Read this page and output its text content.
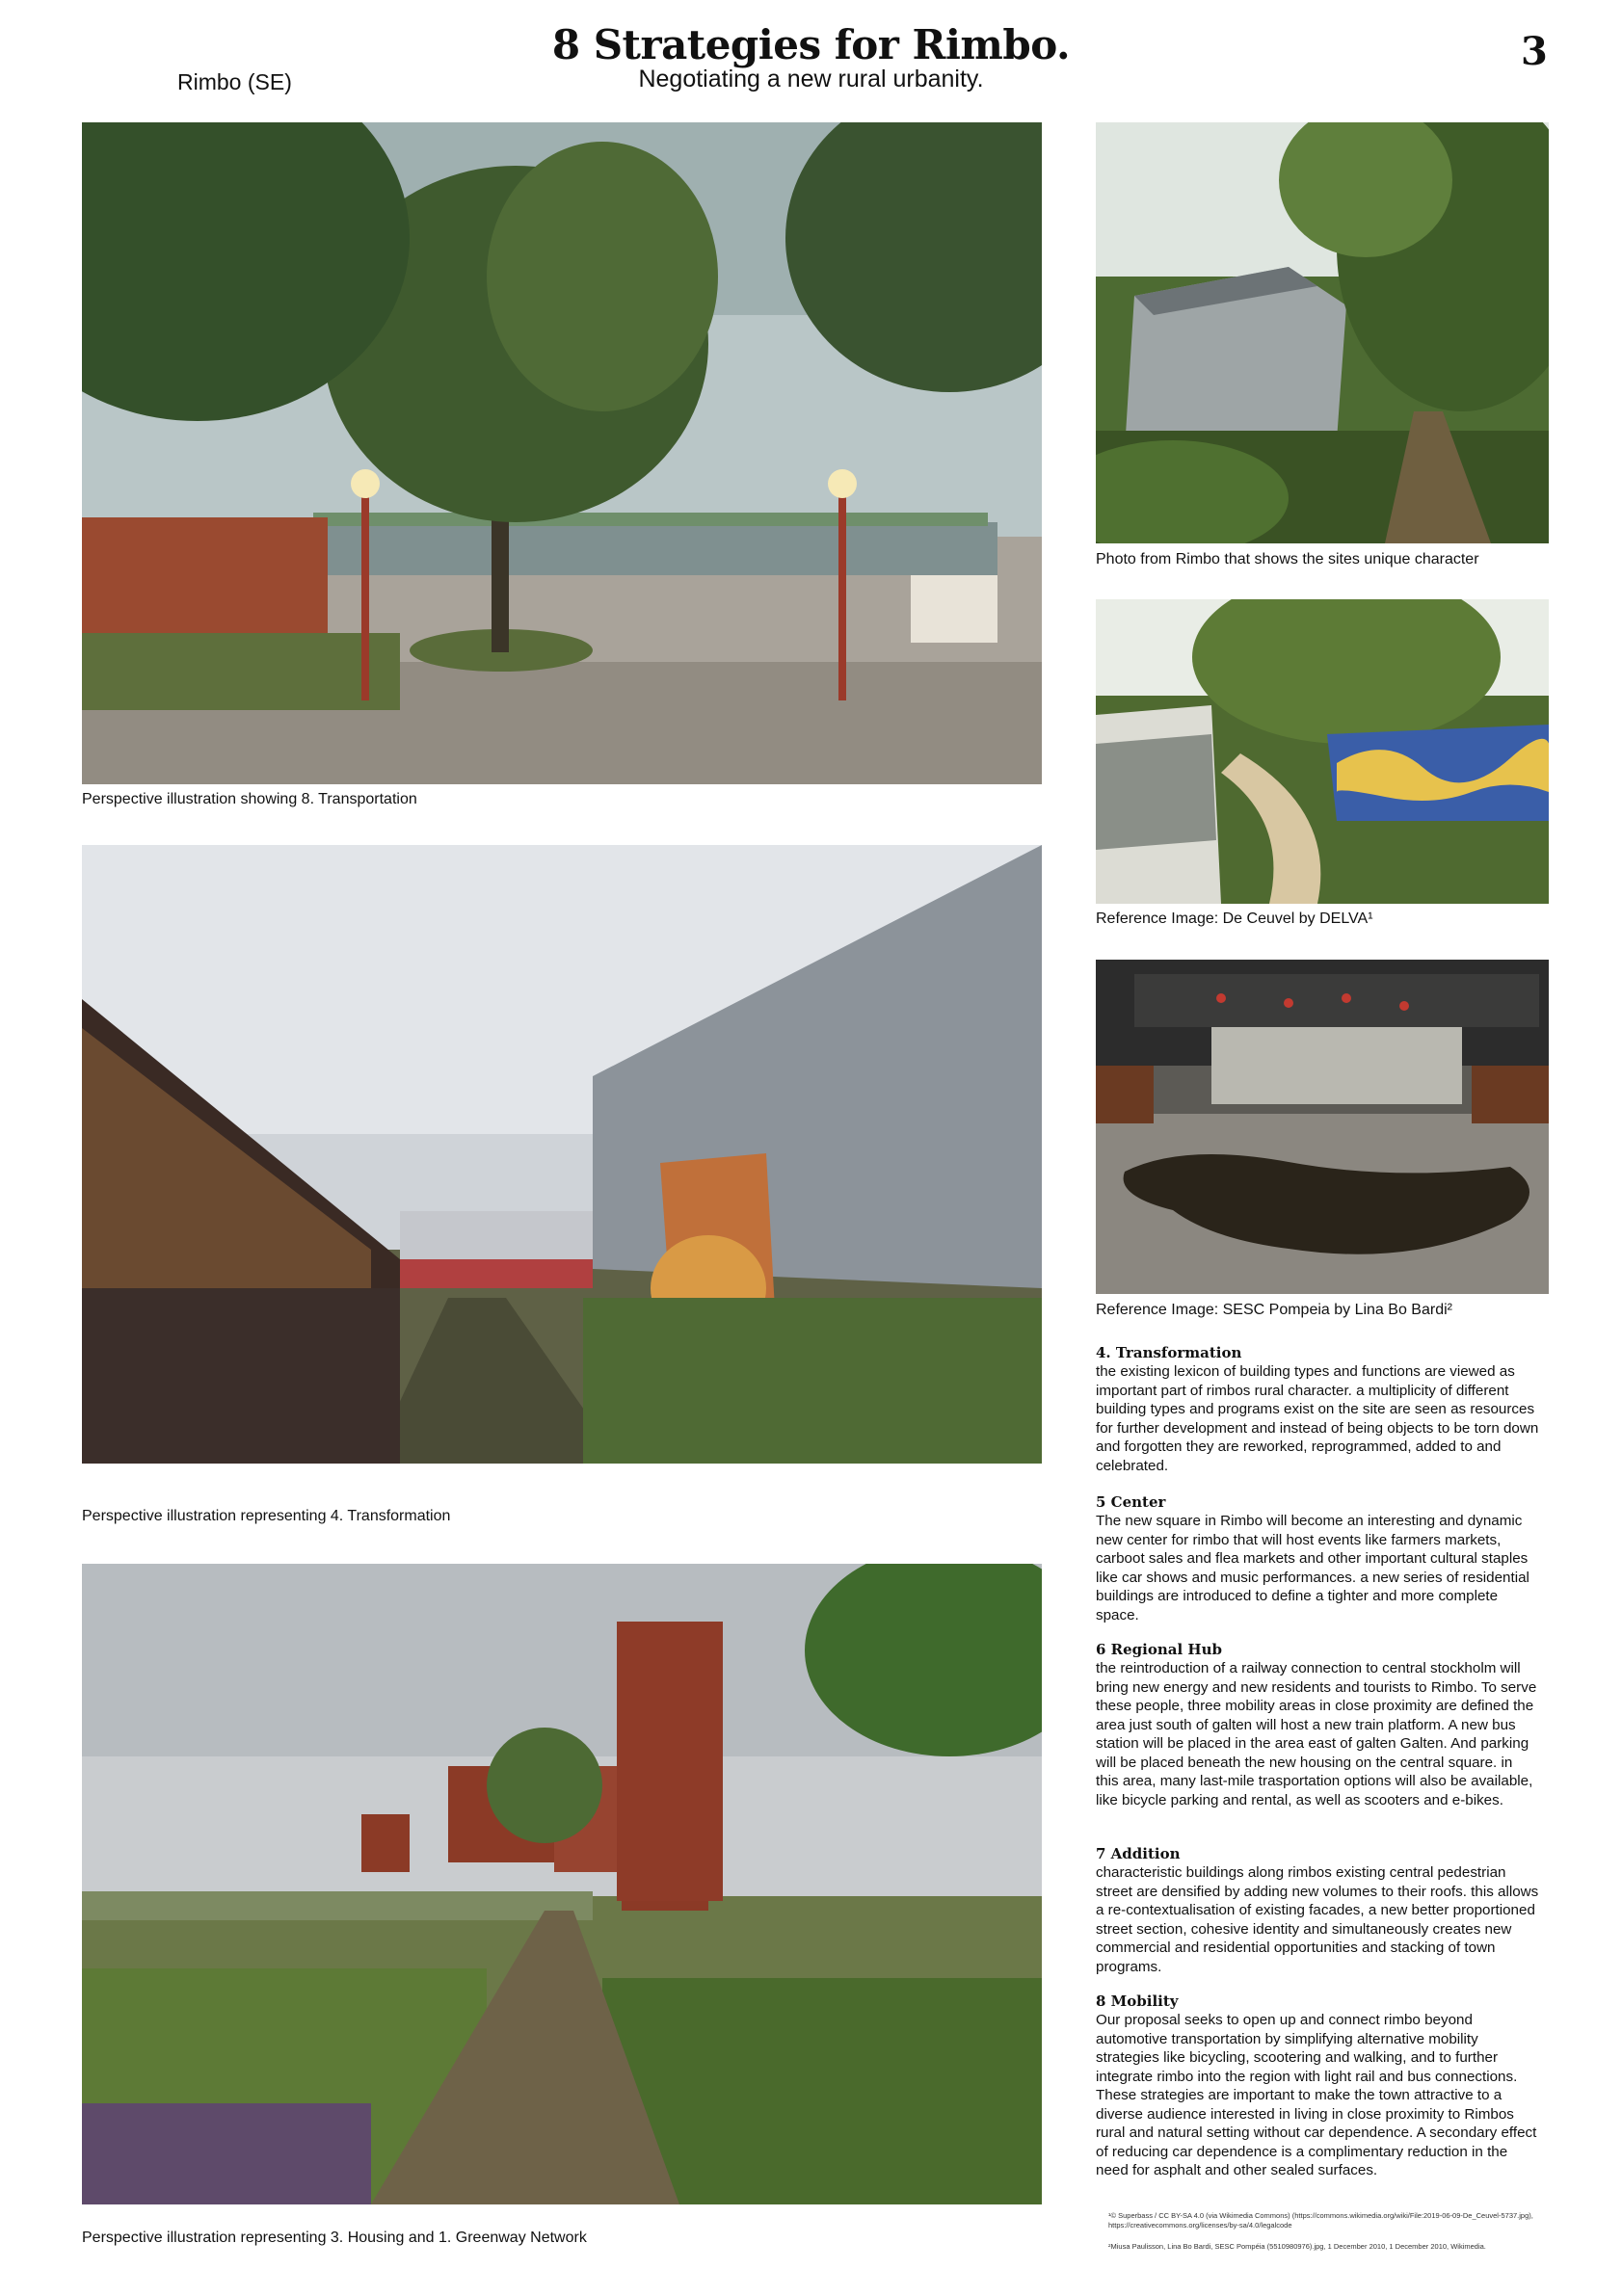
8 Strategies for Rimbo.
Negotiating a new rural urbanity.
Rimbo (SE)
3
Perspective illustration showing 8. Transportation
Perspective illustration representing 4. Transformation
Perspective illustration representing 3. Housing and 1. Greenway Network
Photo from Rimbo that shows the sites unique character
Reference Image: De Ceuvel by DELVA¹
Reference Image: SESC Pompeia by Lina Bo Bardi²
4. Transformation
the existing lexicon of building types and functions are viewed as important part of rimbos rural character. a multiplicity of different building types and programs exist on the site are seen as resources for further development and instead of being objects to be torn down and forgotten they are reworked, reprogrammed, added to and celebrated.
5 Center
The new square in Rimbo will become an interesting and dynamic new center for rimbo that will host events like farmers markets, carboot sales and flea markets and other important cultural staples like car shows and music performances. a new series of residential buildings are introduced to define a tighter and more complete space.
6 Regional Hub
the reintroduction of a railway connection to central stockholm will bring new energy and new residents and tourists to Rimbo. To serve these people, three mobility areas in close proximity are defined the area just south of galten will host a new train platform. A new bus station will be placed in the area east of galten Galten. And parking will be placed beneath the new housing on the central square. in this area, many last-mile trasportation options will also be available, like bicycle parking and rental, as well as scooters and e-bikes.
7 Addition
characteristic buildings along rimbos existing central pedestrian street are densified by adding new volumes to their roofs. this allows a re-contextualisation of existing facades, a new better proportioned street section, cohesive identity and simultaneously creates new commercial and residential opportunities and stacking of town programs.
8 Mobility
Our proposal seeks to open up and connect rimbo beyond automotive transportation by simplifying alternative mobility strategies like bicycling, scootering and walking, and to further integrate rimbo into the region with light rail and bus connections. These strategies are important to make the town attractive to a diverse audience interested in living in close proximity to Rimbos rural and natural setting without car dependence. A secondary effect of reducing car dependence is a complimentary reduction in the need for asphalt and other sealed surfaces.
¹© Superbass / CC BY-SA 4.0 (via Wikimedia Commons) (https://commons.wikimedia.org/wiki/File:2019-06-09-De_Ceuvel-5737.jpg), https://creativecommons.org/licenses/by-sa/4.0/legalcode
²Miusa Paulisson, Lina Bo Bardi, SESC Pompéia (5510980976).jpg, 1 December 2010, 1 December 2010, Wikimedia.
